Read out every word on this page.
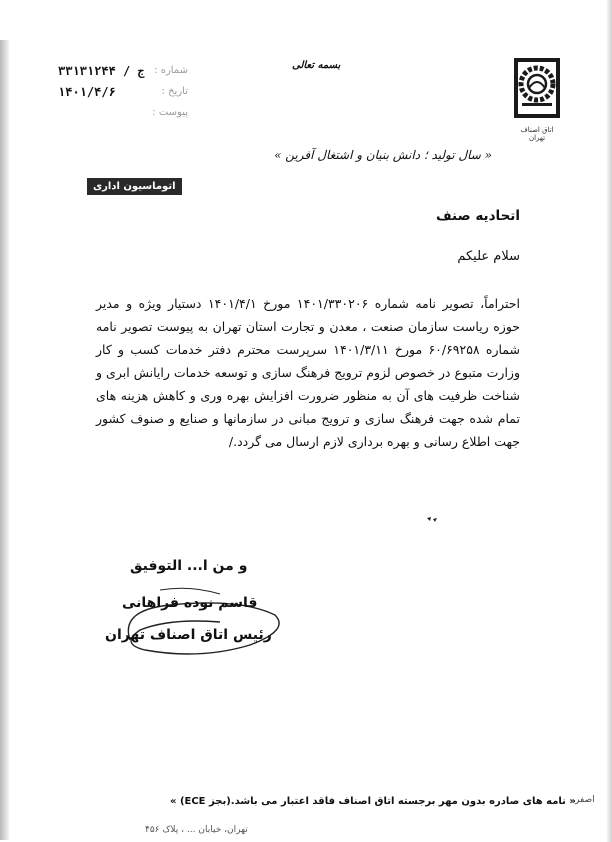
شماره :
۳۳ج / ۱۳۱۲۴۴
تاریخ :
۱۴۰۱/۴/۶
پیوست :
بسمه تعالی
اتاق اصناف تهران
« سال تولید ؛ دانش بنیان و اشتغال آفرین »
اتوماسیون اداری
اتحادیه صنف
سلام علیکم
احتراماً، تصویر نامه شماره ۱۴۰۱/۳۳۰۲۰۶ مورخ ۱۴۰۱/۴/۱ دستیار ویژه و مدیر حوزه ریاست سازمان صنعت ، معدن و تجارت استان تهران به پیوست تصویر نامه شماره ۶۰/۶۹۲۵۸ مورخ ۱۴۰۱/۳/۱۱ سرپرست محترم دفتر خدمات کسب و کار وزارت متبوع در خصوص لزوم ترویج فرهنگ سازی و توسعه خدمات رایانش ابری و شناخت ظرفیت های آن به منظور ضرورت افزایش بهره وری و کاهش هزینه های تمام شده جهت فرهنگ سازی و ترویج مبانی در سازمانها و صنایع و صنوف کشور جهت اطلاع رسانی و بهره برداری لازم ارسال می گردد./
و من ا... التوفیق
قاسم نوده فراهانی
رئیس اتاق اصناف تهران
« نامه های صادره بدون مهر برجسته اتاق اصناف فاقد اعتبار می باشد.(بجز ECE) » اصفر
تهران، خیابان ... ، پلاک ۴۵۶
